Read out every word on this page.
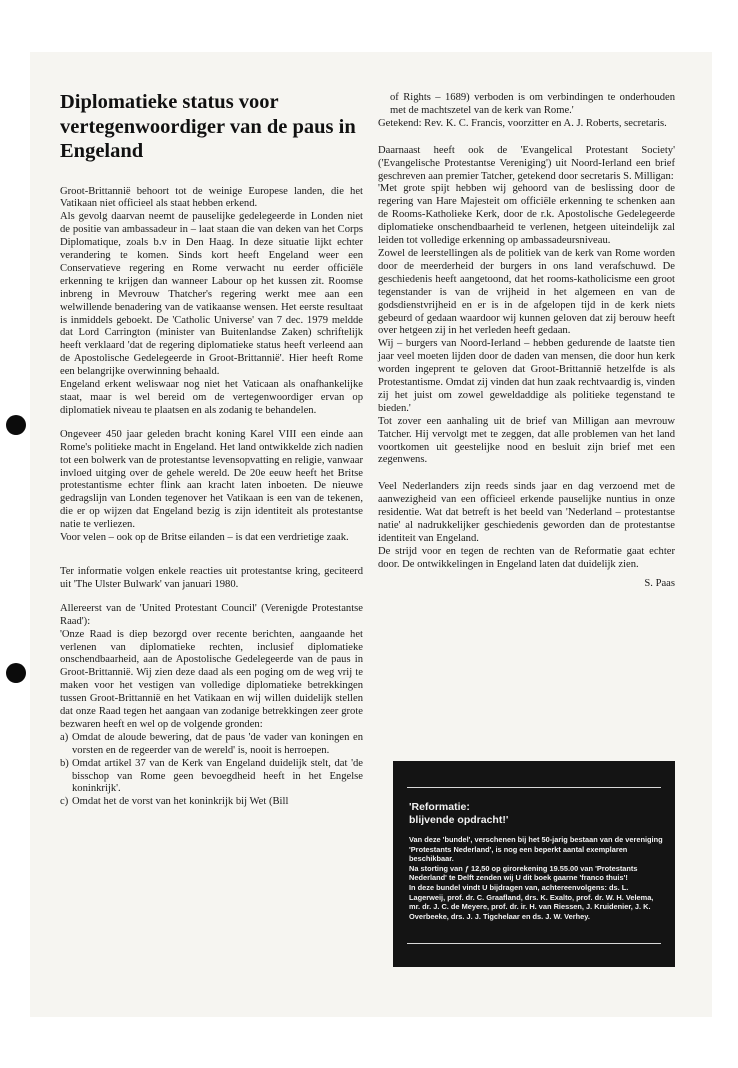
Diplomatieke status voor vertegenwoordiger van de paus in Engeland

Groot-Brittannië behoort tot de weinige Europese landen, die het Vatikaan niet officieel als staat hebben erkend.

Als gevolg daarvan neemt de pauselijke gedelegeerde in Londen niet de positie van ambassadeur in – laat staan die van deken van het Corps Diplomatique, zoals b.v in Den Haag. In deze situatie lijkt echter verandering te komen. Sinds kort heeft Engeland weer een Conservatieve regering en Rome verwacht nu eerder officiële erkenning te krijgen dan wanneer Labour op het kussen zit. Roomse inbreng in Mevrouw Thatcher's regering werkt mee aan een welwillende benadering van de vatikaanse wensen. Het eerste resultaat is inmiddels geboekt. De 'Catholic Universe' van 7 dec. 1979 meldde dat Lord Carrington (minister van Buitenlandse Zaken) schriftelijk heeft verklaard 'dat de regering diplomatieke status heeft verleend aan de Apostolische Gedelegeerde in Groot-Brittannië'. Hier heeft Rome een belangrijke overwinning behaald.

Engeland erkent weliswaar nog niet het Vaticaan als onafhankelijke staat, maar is wel bereid om de vertegenwoordiger ervan op diplomatiek niveau te plaatsen en als zodanig te behandelen.

Ongeveer 450 jaar geleden bracht koning Karel VIII een einde aan Rome's politieke macht in Engeland. Het land ontwikkelde zich nadien tot een bolwerk van de protestantse levensopvatting en religie, vanwaar invloed uitging over de gehele wereld. De 20e eeuw heeft het Britse protestantisme echter flink aan kracht laten inboeten. De nieuwe gedragslijn van Londen tegenover het Vatikaan is een van de tekenen, die er op wijzen dat Engeland bezig is zijn identiteit als protestantse natie te verliezen.

Voor velen – ook op de Britse eilanden – is dat een verdrietige zaak.

Ter informatie volgen enkele reacties uit protestantse kring, geciteerd uit 'The Ulster Bulwark' van januari 1980.

Allereerst van de 'United Protestant Council' (Verenigde Protestantse Raad'):

'Onze Raad is diep bezorgd over recente berichten, aangaande het verlenen van diplomatieke rechten, inclusief diplomatieke onschendbaarheid, aan de Apostolische Gedelegeerde van de paus in Groot-Brittannië. Wij zien deze daad als een poging om de weg vrij te maken voor het vestigen van volledige diplomatieke betrekkingen tussen Groot-Brittannië en het Vatikaan en wij willen duidelijk stellen dat onze Raad tegen het aangaan van zodanige betrekkingen zeer grote bezwaren heeft en wel op de volgende gronden:

a) Omdat de aloude bewering, dat de paus 'de vader van koningen en vorsten en de regeerder van de wereld' is, nooit is herroepen.
b) Omdat artikel 37 van de Kerk van Engeland duidelijk stelt, dat 'de bisschop van Rome geen bevoegdheid heeft in het Engelse koninkrijk'.
c) Omdat het de vorst van het koninkrijk bij Wet (Bill

of Rights – 1689) verboden is om verbindingen te onderhouden met de machtszetel van de kerk van Rome.'

Getekend: Rev. K. C. Francis, voorzitter en A. J. Roberts, secretaris.

Daarnaast heeft ook de 'Evangelical Protestant Society' ('Evangelische Protestantse Vereniging') uit Noord-Ierland een brief geschreven aan premier Tatcher, getekend door secretaris S. Milligan:

'Met grote spijt hebben wij gehoord van de beslissing door de regering van Hare Majesteit om officiële erkenning te schenken aan de Rooms-Katholieke Kerk, door de r.k. Apostolische Gedelegeerde diplomatieke onschendbaarheid te verlenen, hetgeen uiteindelijk zal leiden tot volledige erkenning op ambassadeursniveau.

Zowel de leerstellingen als de politiek van de kerk van Rome worden door de meerderheid der burgers in ons land verafschuwd. De geschiedenis heeft aangetoond, dat het rooms-katholicisme een groot tegenstander is van de vrijheid in het algemeen en van de godsdienstvrijheid en er is in de afgelopen tijd in de kerk niets gebeurd of gedaan waardoor wij kunnen geloven dat zij berouw heeft over hetgeen zij in het verleden heeft gedaan.

Wij – burgers van Noord-Ierland – hebben gedurende de laatste tien jaar veel moeten lijden door de daden van mensen, die door hun kerk worden ingeprent te geloven dat Groot-Brittannië hetzelfde is als Protestantisme. Omdat zij vinden dat hun zaak rechtvaardig is, vinden zij het juist om zowel geweldaddige als politieke tegenstand te bieden.'

Tot zover een aanhaling uit de brief van Milligan aan mevrouw Tatcher. Hij vervolgt met te zeggen, dat alle problemen van het land voortkomen uit geestelijke nood en besluit zijn brief met een zegenwens.

Veel Nederlanders zijn reeds sinds jaar en dag verzoend met de aanwezigheid van een officieel erkende pauselijke nuntius in onze residentie. Wat dat betreft is het beeld van 'Nederland – protestantse natie' al nadrukkelijker geschiedenis geworden dan de protestantse identiteit van Engeland.

De strijd voor en tegen de rechten van de Reformatie gaat echter door. De ontwikkelingen in Engeland laten dat duidelijk zien.

S. Paas

'Reformatie:
blijvende opdracht!'

Van deze 'bundel', verschenen bij het 50-jarig bestaan van de vereniging 'Protestants Nederland', is nog een beperkt aantal exemplaren beschikbaar.

Na storting van ƒ 12,50 op girorekening 19.55.00 van 'Protestants Nederland' te Delft zenden wij U dit boek gaarne 'franco thuis'!

In deze bundel vindt U bijdragen van, achtereenvolgens: ds. L. Lagerweij, prof. dr. C. Graafland, drs. K. Exalto, prof. dr. W. H. Velema, mr. dr. J. C. de Meyere, prof. dr. ir. H. van Riessen, J. Kruidenier, J. K. Overbeeke, drs. J. J. Tigchelaar en ds. J. W. Verhey.
